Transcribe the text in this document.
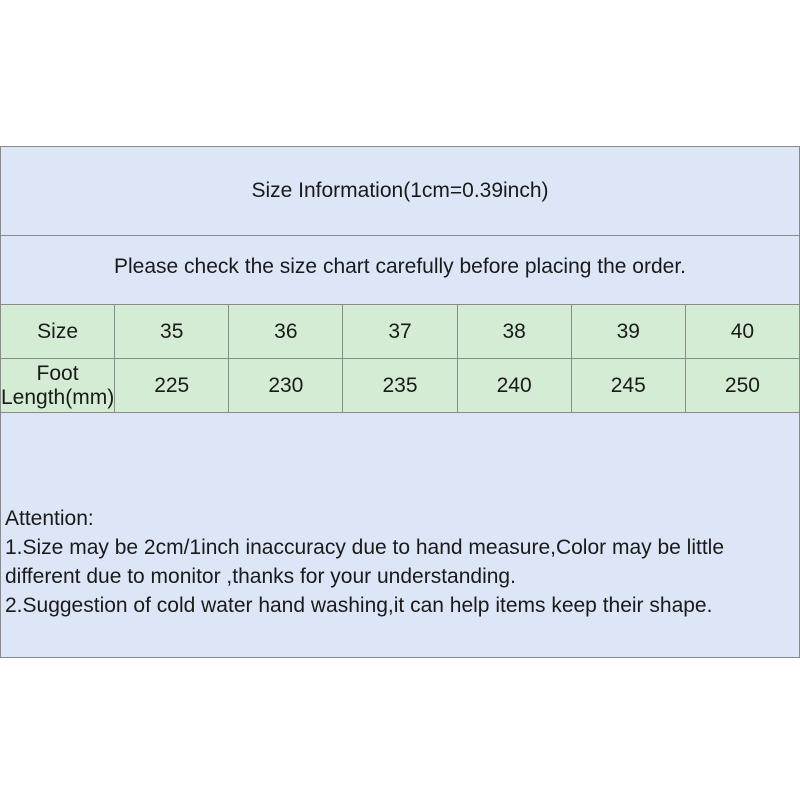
Size Information(1cm=0.39inch)						
Please check the size chart carefully before placing the order.						
Size	35	36	37	38	39	40
Foot Length(mm)	225	230	235	240	245	250

Attention:
1.Size may be 2cm/1inch inaccuracy due to hand measure,Color may be little
different due to monitor ,thanks for your understanding.
2.Suggestion of cold water hand washing,it can help items keep their shape.						
